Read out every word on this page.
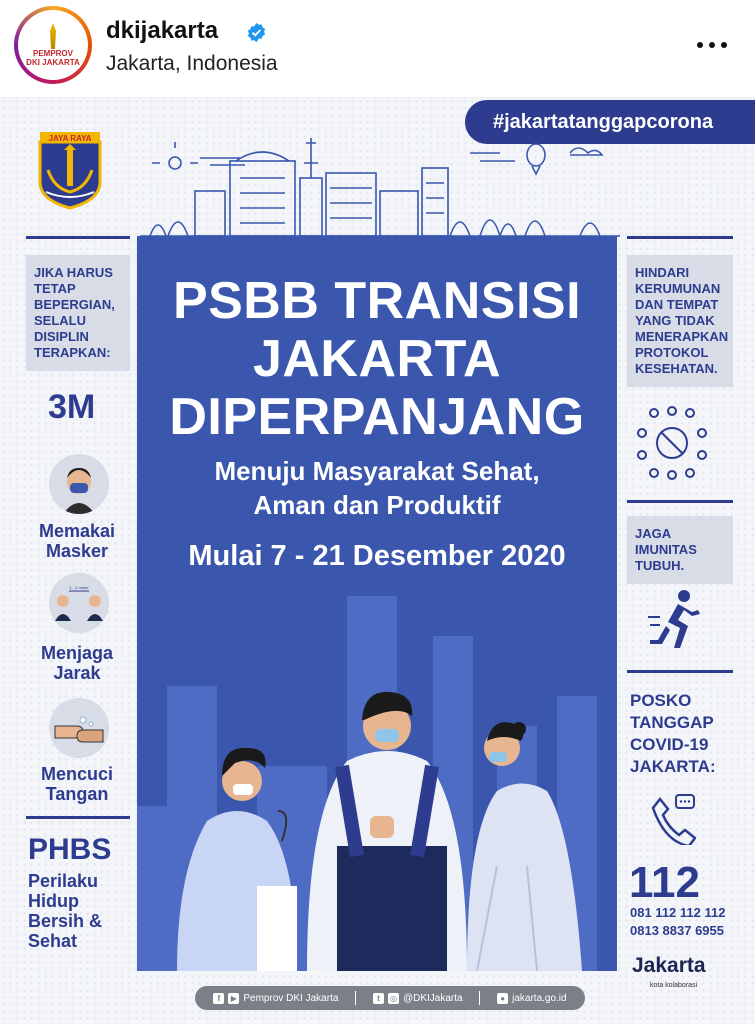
PEMPROV DKI JAKARTA
dkijakarta
Jakarta, Indonesia
#jakartatanggapcorona
JAYA RAYA
JIKA HARUS TETAP BEPERGIAN, SELALU DISIPLIN TERAPKAN:
3M
Memakai
Masker
1 - 2 meter
Menjaga
Jarak
Mencuci
Tangan
PHBS
Perilaku
Hidup
Bersih &
Sehat
PSBB TRANSISI
JAKARTA
DIPERPANJANG
Menuju Masyarakat Sehat,
Aman dan Produktif
Mulai 7 - 21 Desember 2020
HINDARI KERUMUNAN DAN TEMPAT YANG TIDAK MENERAPKAN PROTOKOL KESEHATAN.
JAGA IMUNITAS TUBUH.
POSKO
TANGGAP
COVID-19
JAKARTA:
112
081 112 112 112
0813 8837 6955
Jakarta
kota kolaborasi
f	▶ Pemprov DKI Jakarta	t	◎ @DKIJakarta	● jakarta.go.id
